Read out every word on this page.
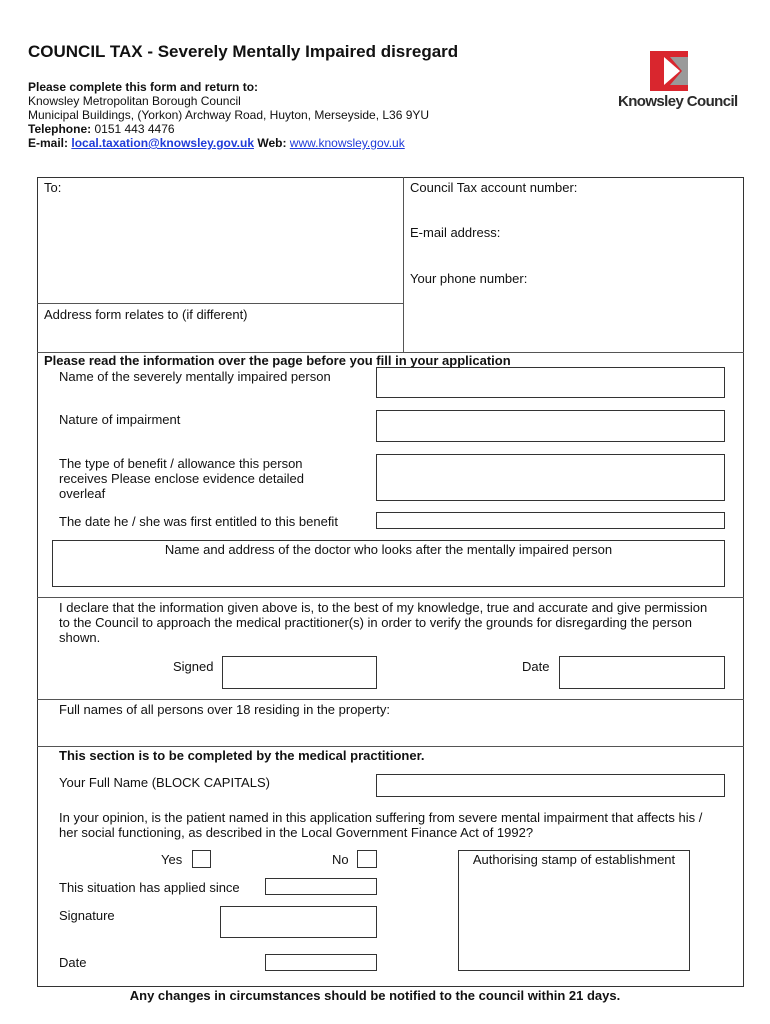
COUNCIL TAX - Severely Mentally Impaired disregard
Please complete this form and return to:
Knowsley Metropolitan Borough Council
Municipal Buildings, (Yorkon) Archway Road, Huyton, Merseyside, L36 9YU
Telephone: 0151 443 4476
E-mail: local.taxation@knowsley.gov.uk Web: www.knowsley.gov.uk
Knowsley Council
To:
Address form relates to (if different)
Council Tax account number:
E-mail address:
Your phone number:
Please read the information over the page before you fill in your application
Name of the severely mentally impaired person
Nature of impairment
The type of benefit / allowance this person receives Please enclose evidence detailed overleaf
The date he / she was first entitled to this benefit
Name and address of the doctor who looks after the mentally impaired person
I declare that the information given above is, to the best of my knowledge, true and accurate and give permission to the Council to approach the medical practitioner(s) in order to verify the grounds for disregarding the person shown.
Signed	Date
Full names of all persons over 18 residing in the property:
This section is to be completed by the medical practitioner.
Your Full Name (BLOCK CAPITALS)
In your opinion, is the patient named in this application suffering from severe mental impairment that affects his / her social functioning, as described in the Local Government Finance Act of 1992?
Yes	No	Authorising stamp of establishment
This situation has applied since
Signature
Date
Any changes in circumstances should be notified to the council within 21 days.
